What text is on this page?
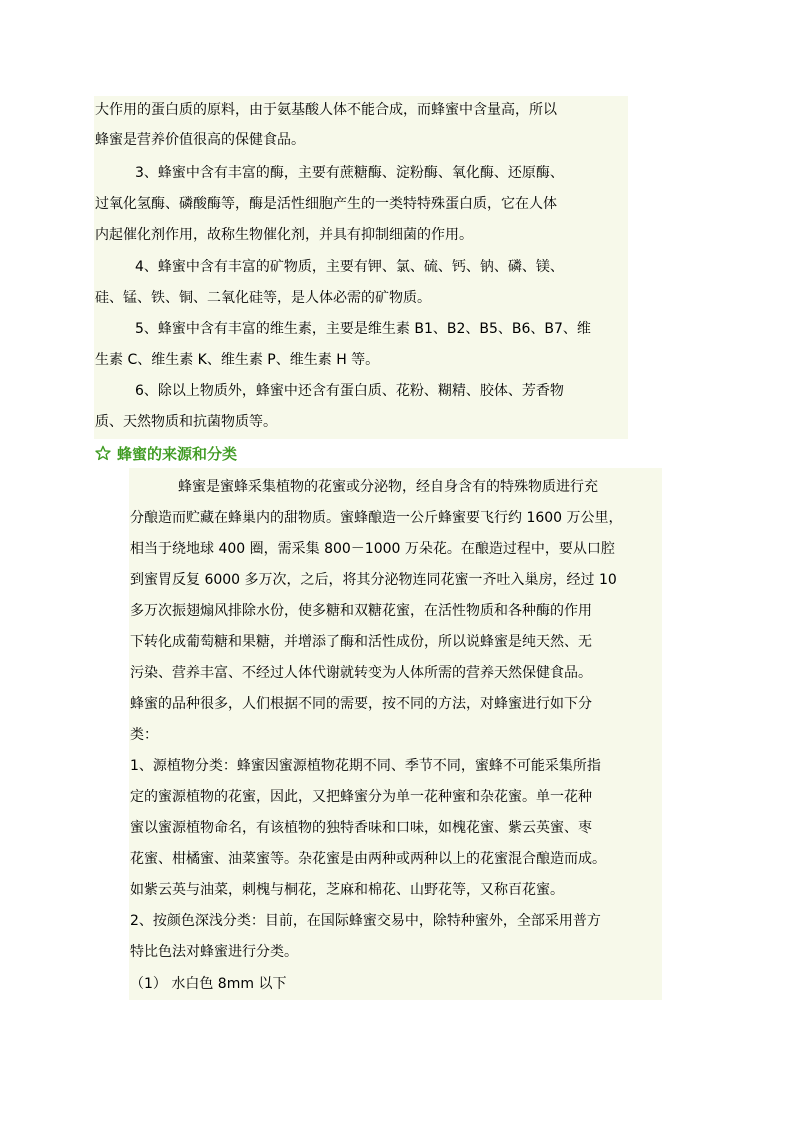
大作用的蛋白质的原料，由于氨基酸人体不能合成，而蜂蜜中含量高，所以
蜂蜜是营养价值很高的保健食品。
3、蜂蜜中含有丰富的酶，主要有蔗糖酶、淀粉酶、氧化酶、还原酶、
过氧化氢酶、磷酸酶等，酶是活性细胞产生的一类特特殊蛋白质，它在人体
内起催化剂作用，故称生物催化剂，并具有抑制细菌的作用。
4、蜂蜜中含有丰富的矿物质，主要有钾、氯、硫、钙、钠、磷、镁、
硅、锰、铁、铜、二氧化硅等，是人体必需的矿物质。
5、蜂蜜中含有丰富的维生素，主要是维生素 B1、B2、B5、B6、B7、维
生素 C、维生素 K、维生素 P、维生素 H 等。
6、除以上物质外，蜂蜜中还含有蛋白质、花粉、糊精、胶体、芳香物
质、天然物质和抗菌物质等。
蜂蜜的来源和分类
蜂蜜是蜜蜂采集植物的花蜜或分泌物，经自身含有的特殊物质进行充
分酿造而贮藏在蜂巢内的甜物质。蜜蜂酿造一公斤蜂蜜要飞行约 1600 万公里，
相当于绕地球 400 圈，需采集 800－1000 万朵花。在酿造过程中，要从口腔
到蜜胃反复 6000 多万次，之后，将其分泌物连同花蜜一齐吐入巢房，经过 10
多万次振翅煽风排除水份，使多糖和双糖花蜜，在活性物质和各种酶的作用
下转化成葡萄糖和果糖，并增添了酶和活性成份，所以说蜂蜜是纯天然、无
污染、营养丰富、不经过人体代谢就转变为人体所需的营养天然保健食品。
蜂蜜的品种很多，人们根据不同的需要，按不同的方法，对蜂蜜进行如下分
类：
1、源植物分类：蜂蜜因蜜源植物花期不同、季节不同，蜜蜂不可能采集所指
定的蜜源植物的花蜜，因此，又把蜂蜜分为单一花种蜜和杂花蜜。单一花种
蜜以蜜源植物命名，有该植物的独特香味和口味，如槐花蜜、紫云英蜜、枣
花蜜、柑橘蜜、油菜蜜等。杂花蜜是由两种或两种以上的花蜜混合酿造而成。
如紫云英与油菜，刺槐与桐花，芝麻和棉花、山野花等，又称百花蜜。
2、按颜色深浅分类：目前，在国际蜂蜜交易中，除特种蜜外，全部采用普方
特比色法对蜂蜜进行分类。
（1） 水白色 8mm 以下
